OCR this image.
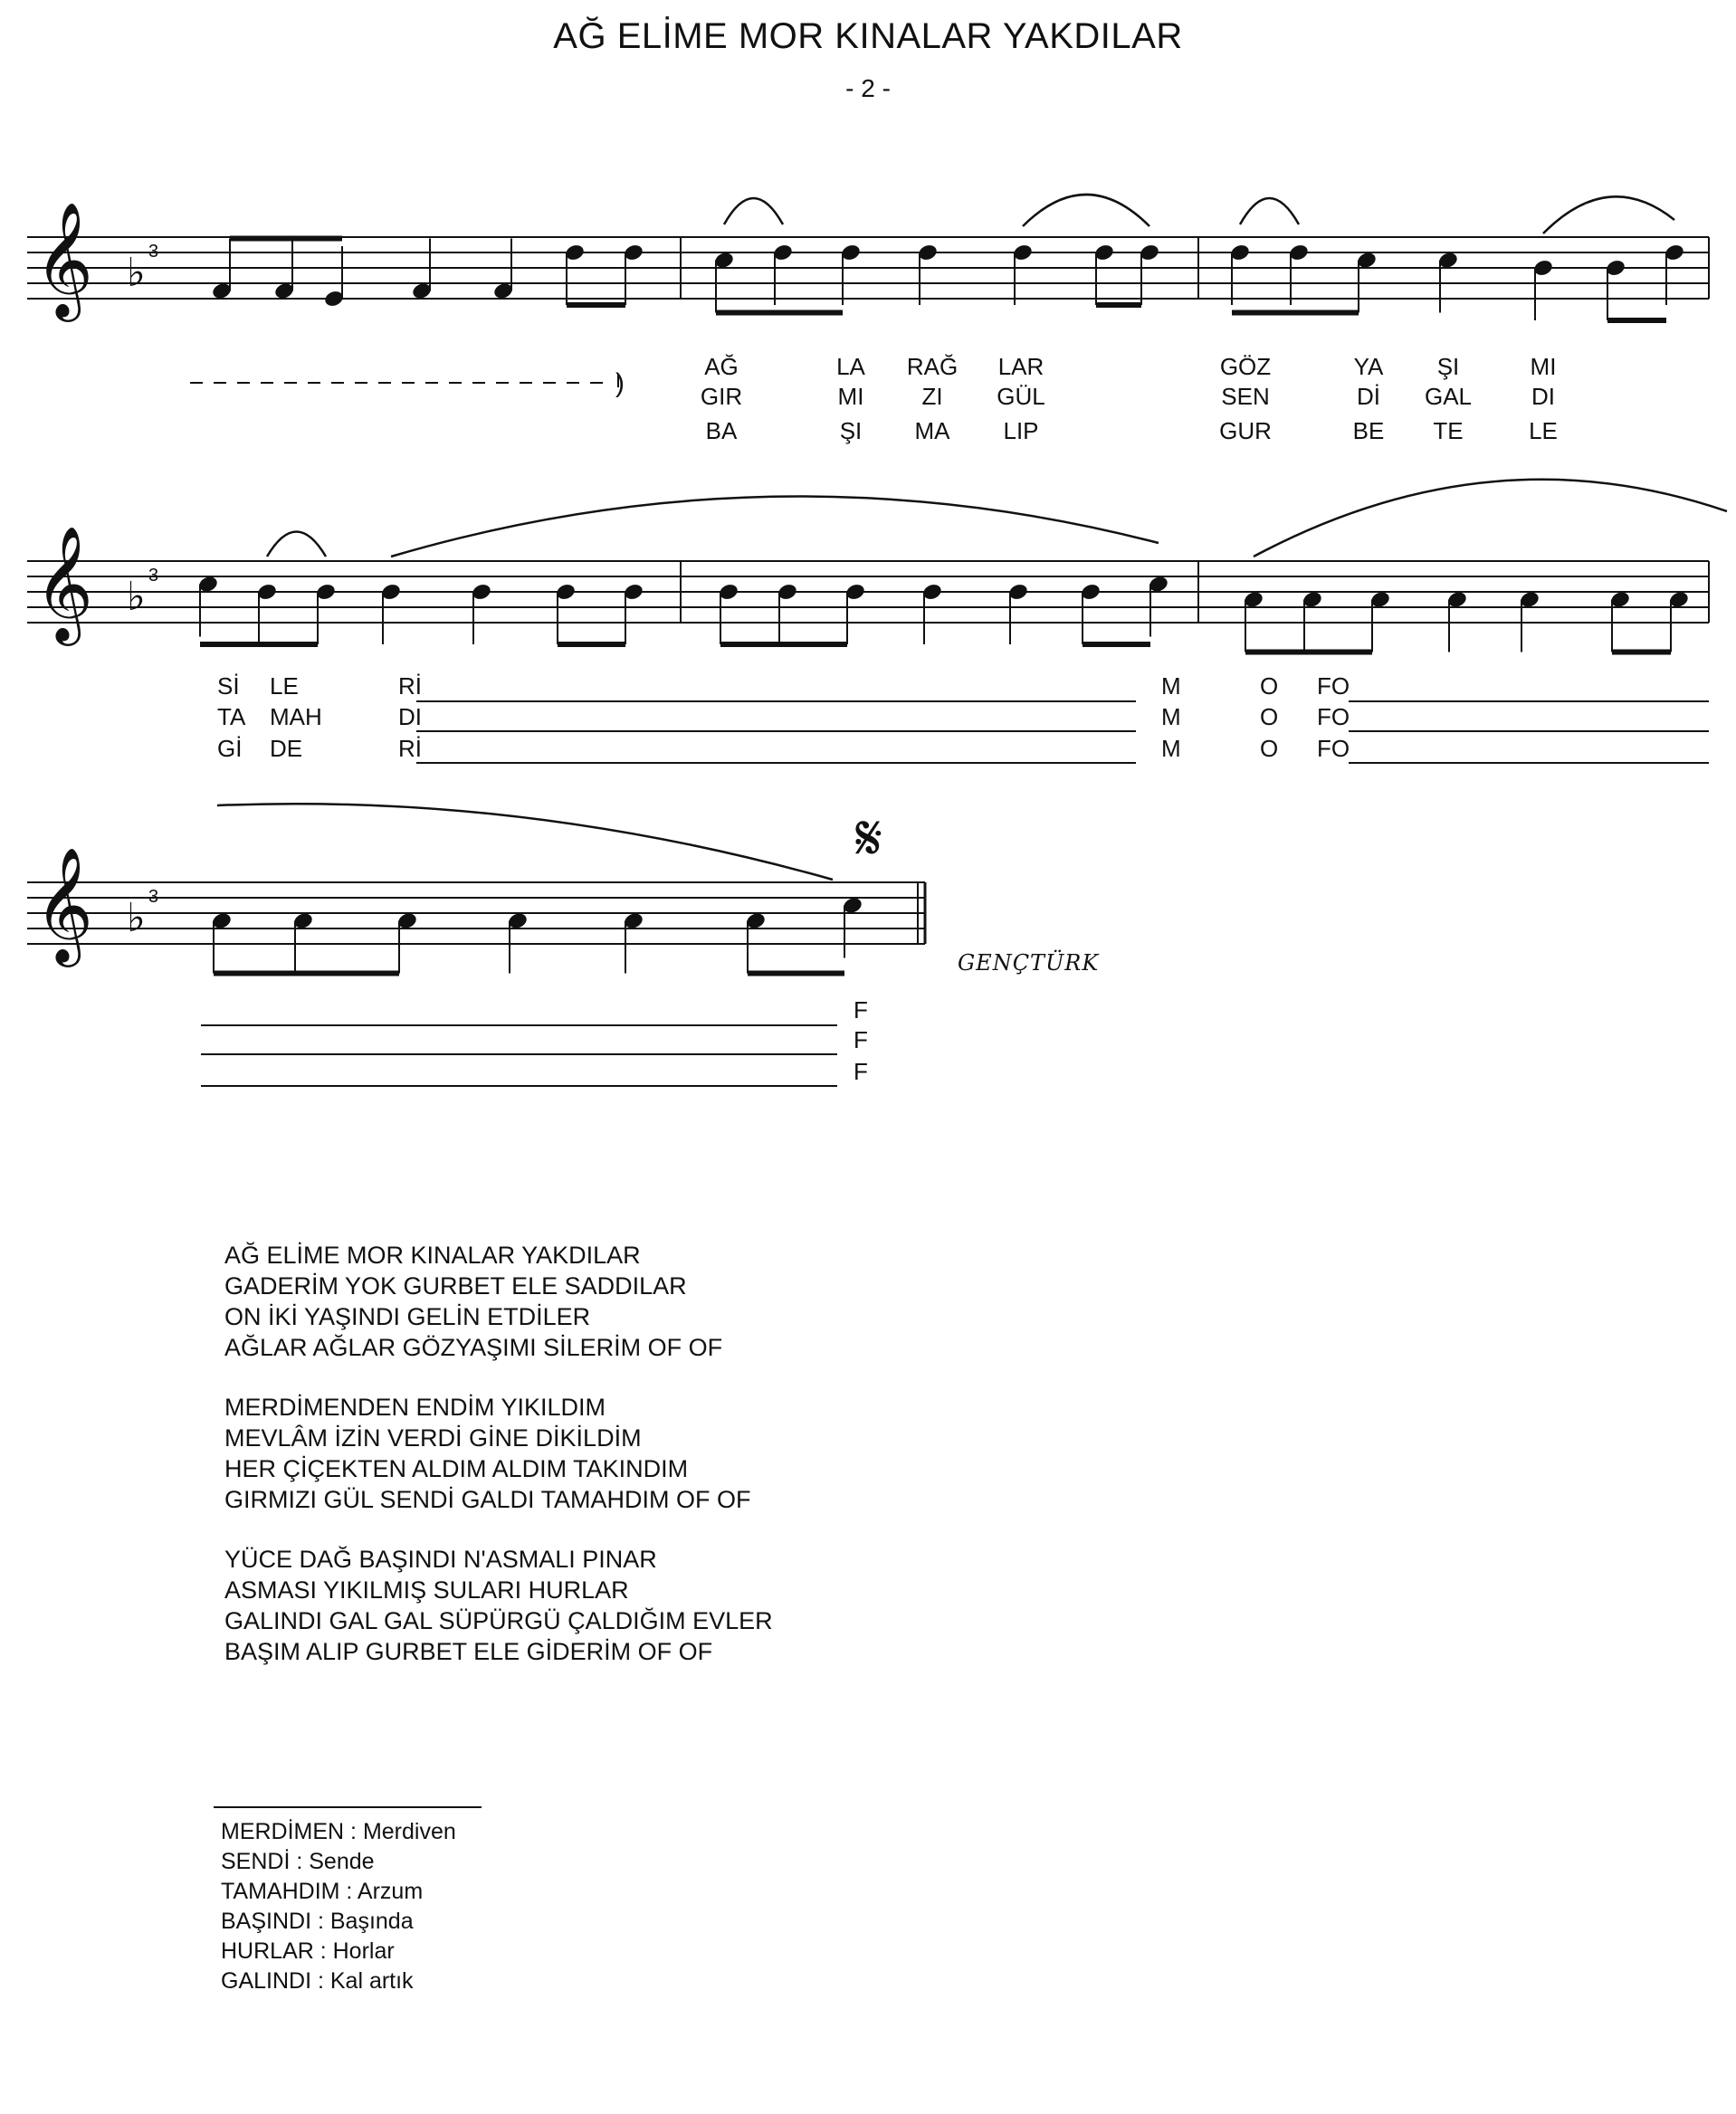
AĞ ELİME MOR KINALAR YAKDILAR
- 2 -
𝄞 ♭ 3
𝄞 ♭ 3
𝄞 ♭ 3
𝄋
)
AĞ	LA RAĞ LAR	GÖZ	YA ŞI	MI
GIR	MI ZI GÜL	SEN	Dİ GAL	DI
BA	ŞI MA LIP	GUR	BE TE	LE
Sİ LE	Rİ	M	O FO
TA MAH	DI	M	O FO
Gİ DE	Rİ	M	O FO
F
F
F
GENÇTÜRK
AĞ ELİME MOR KINALAR YAKDILAR
GADERİM YOK GURBET ELE SADDILAR
ON İKİ YAŞINDI GELİN ETDİLER
AĞLAR AĞLAR GÖZYAŞIMI SİLERİM OF OF
MERDİMENDEN ENDİM YIKILDIM
MEVLÂM İZİN VERDİ GİNE DİKİLDİM
HER ÇİÇEKTEN ALDIM ALDIM TAKINDIM
GIRMIZI GÜL SENDİ GALDI TAMAHDIM OF OF
YÜCE DAĞ BAŞINDI N'ASMALI PINAR
ASMASI YIKILMIŞ SULARI HURLAR
GALINDI GAL GAL SÜPÜRGÜ ÇALDIĞIM EVLER
BAŞIM ALIP GURBET ELE GİDERİM OF OF
MERDİMEN : Merdiven
SENDİ : Sende
TAMAHDIM : Arzum
BAŞINDI : Başında
HURLAR : Horlar
GALINDI : Kal artık
